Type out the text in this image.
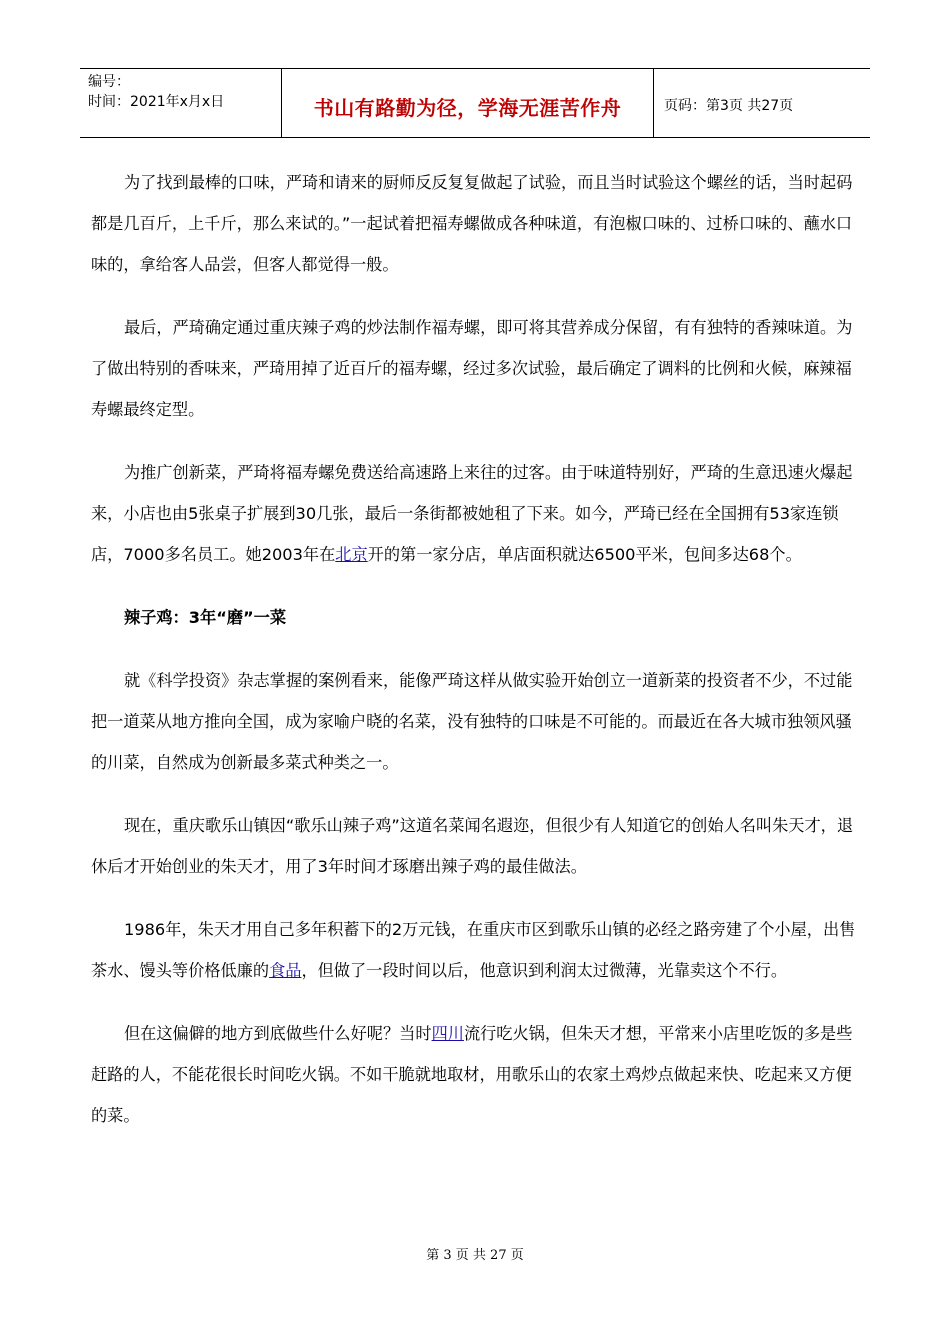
编号：
时间：2021年x月x日	书山有路勤为径，学海无涯苦作舟	页码：第3页 共27页

为了找到最棒的口味，严琦和请来的厨师反反复复做起了试验，而且当时试验这个螺丝的话，当时起码都是几百斤，上千斤，那么来试的。”一起试着把福寿螺做成各种味道，有泡椒口味的、过桥口味的、蘸水口味的，拿给客人品尝，但客人都觉得一般。

最后，严琦确定通过重庆辣子鸡的炒法制作福寿螺，即可将其营养成分保留，有有独特的香辣味道。为了做出特别的香味来，严琦用掉了近百斤的福寿螺，经过多次试验，最后确定了调料的比例和火候，麻辣福寿螺最终定型。

为推广创新菜，严琦将福寿螺免费送给高速路上来往的过客。由于味道特别好，严琦的生意迅速火爆起来，小店也由5张桌子扩展到30几张，最后一条街都被她租了下来。如今，严琦已经在全国拥有53家连锁店，7000多名员工。她2003年在北京开的第一家分店，单店面积就达6500平米，包间多达68个。

辣子鸡：3年“磨”一菜

就《科学投资》杂志掌握的案例看来，能像严琦这样从做实验开始创立一道新菜的投资者不少，不过能把一道菜从地方推向全国，成为家喻户晓的名菜，没有独特的口味是不可能的。而最近在各大城市独领风骚的川菜，自然成为创新最多菜式种类之一。

现在，重庆歌乐山镇因“歌乐山辣子鸡”这道名菜闻名遐迩，但很少有人知道它的创始人名叫朱天才，退休后才开始创业的朱天才，用了3年时间才琢磨出辣子鸡的最佳做法。

1986年，朱天才用自己多年积蓄下的2万元钱，在重庆市区到歌乐山镇的必经之路旁建了个小屋，出售茶水、馒头等价格低廉的食品，但做了一段时间以后，他意识到利润太过微薄，光靠卖这个不行。

但在这偏僻的地方到底做些什么好呢？当时四川流行吃火锅，但朱天才想，平常来小店里吃饭的多是些赶路的人，不能花很长时间吃火锅。不如干脆就地取材，用歌乐山的农家土鸡炒点做起来快、吃起来又方便的菜。

第 3 页 共 27 页
